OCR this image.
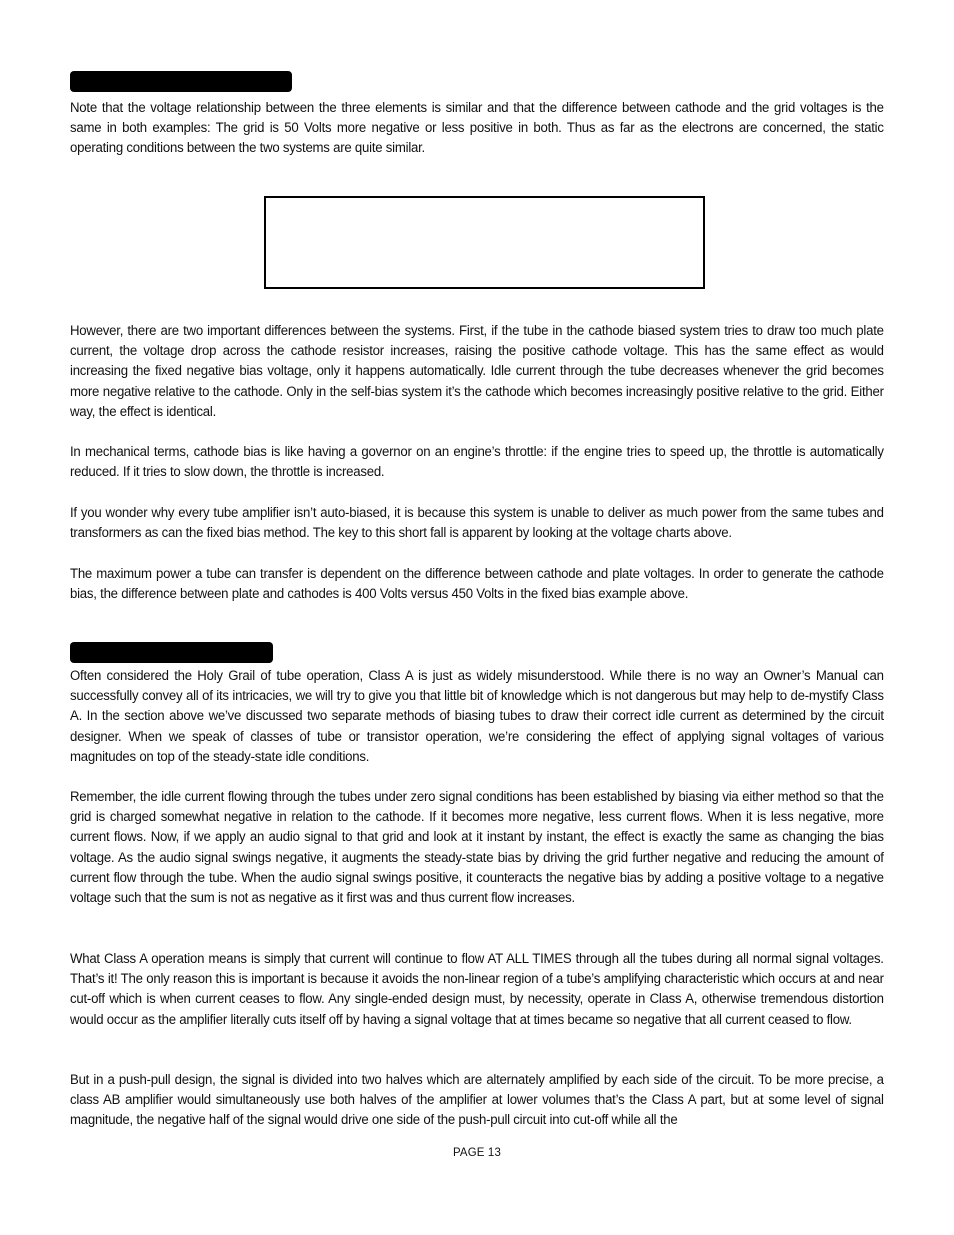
Note that the voltage relationship between the three elements is similar and that the difference between cathode and the grid voltages is the same in both examples: The grid is 50 Volts more negative or less positive in both. Thus as far as the electrons are concerned, the static operating conditions between the two systems are quite similar.

However, there are two important differences between the systems. First, if the tube in the cathode biased system tries to draw too much plate current, the voltage drop across the cathode resistor increases, raising the positive cathode voltage. This has the same effect as would increasing the fixed negative bias voltage, only it happens automatically. Idle current through the tube decreases whenever the grid becomes more negative relative to the cathode. Only in the self-bias system it’s the cathode which becomes increasingly positive relative to the grid. Either way, the effect is identical.

In mechanical terms, cathode bias is like having a governor on an engine’s throttle: if the engine tries to speed up, the throttle is automatically reduced. If it tries to slow down, the throttle is increased.

If you wonder why every tube amplifier isn’t auto-biased, it is because this system is unable to deliver as much power from the same tubes and transformers as can the fixed bias method. The key to this short fall is apparent by looking at the voltage charts above.

The maximum power a tube can transfer is dependent on the difference between cathode and plate voltages. In order to generate the cathode bias, the difference between plate and cathodes is 400 Volts versus 450 Volts in the fixed bias example above.

Often considered the Holy Grail of tube operation, Class A is just as widely misunderstood. While there is no way an Owner’s Manual can successfully convey all of its intricacies, we will try to give you that little bit of knowledge which is not dangerous but may help to de-mystify Class A. In the section above we’ve discussed two separate methods of biasing tubes to draw their correct idle current as determined by the circuit designer. When we speak of classes of tube or transistor operation, we’re considering the effect of applying signal voltages of various magnitudes on top of the steady-state idle conditions.

Remember, the idle current flowing through the tubes under zero signal conditions has been established by biasing via either method so that the grid is charged somewhat negative in relation to the cathode. If it becomes more negative, less current flows. When it is less negative, more current flows. Now, if we apply an audio signal to that grid and look at it instant by instant, the effect is exactly the same as changing the bias voltage. As the audio signal swings negative, it augments the steady-state bias by driving the grid further negative and reducing the amount of current flow through the tube. When the audio signal swings positive, it counteracts the negative bias by adding a positive voltage to a negative voltage such that the sum is not as negative as it first was and thus current flow increases.

What Class A operation means is simply that current will continue to flow AT ALL TIMES through all the tubes during all normal signal voltages. That’s it! The only reason this is important is because it avoids the non-linear region of a tube’s amplifying characteristic which occurs at and near cut-off which is when current ceases to flow. Any single-ended design must, by necessity, operate in Class A, otherwise tremendous distortion would occur as the amplifier literally cuts itself off by having a signal voltage that at times became so negative that all current ceased to flow.

But in a push-pull design, the signal is divided into two halves which are alternately amplified by each side of the circuit. To be more precise, a class AB amplifier would simultaneously use both halves of the amplifier at lower volumes that’s the Class A part, but at some level of signal magnitude, the negative half of the signal would drive one side of the push-pull circuit into cut-off while all the

PAGE 13
